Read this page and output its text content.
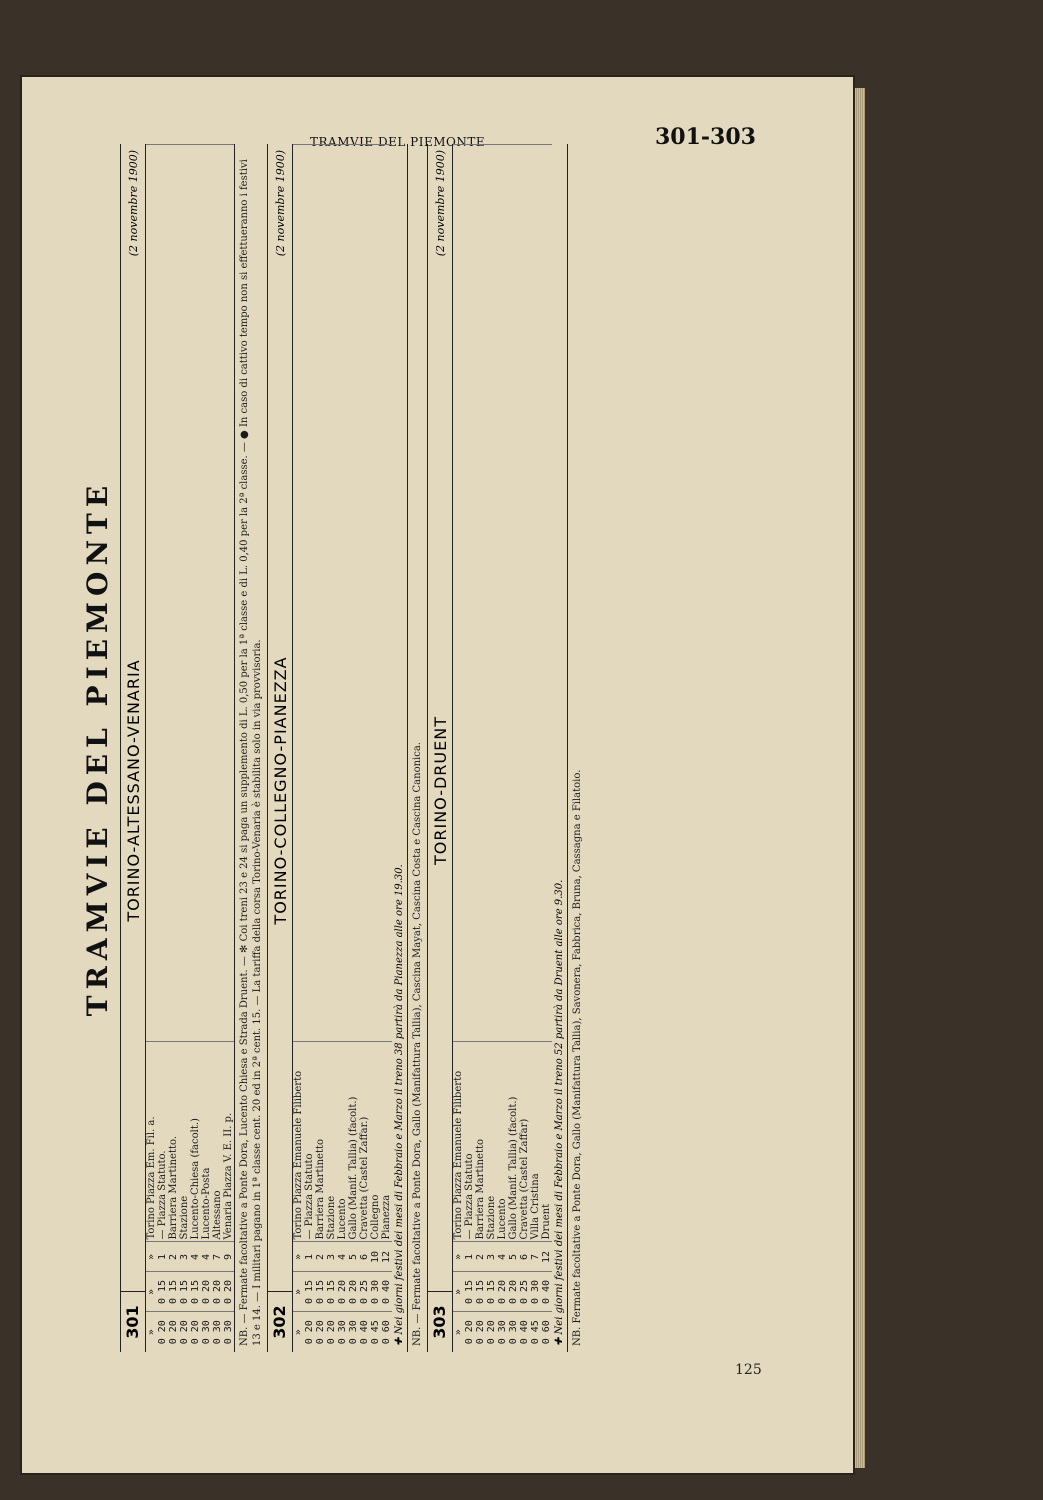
TRAMVIE DEL PIEMONTE	301-303
125
TRAMVIE DEL PIEMONTE
301
TORINO-ALTESSANO-VENARIA
(2 novembre 1900)
»	»	»	Torino Piazza Em. Fil. a.	
0 20	0 15	1	— Piazza Statuto.	
0 20	0 15	2	Barriera Martinetto.	
0 20	0 15	3	Stazione	
0 20	0 15	4	Lucento-Chiesa (facolt.)	
0 30	0 20	4	Lucento-Posta	
0 30	0 20	7	Altessano	
0 30	0 20	9	Venaria Piazza V. E. II. p.	NB. — Fermate facoltative a Ponte Dora, Lucento Chiesa e Strada Druent. — ✻ Coi treni 23 e 24 si paga un supplemento di L. 0,50 per la 1ª classe e di L. 0,40 per la 2ª classe. — ● In caso di cattivo tempo non si effettueranno i festivi 13 e 14. — I militari pagano in 1ª classe cent. 20 ed in 2ª cent. 15. — La tariffa della corsa Torino-Venaria è stabilita solo in via provvisoria. 302
TORINO-COLLEGNO-PIANEZZA
(2 novembre 1900)
»	»	»	Torino Piazza Emanuele Filiberto	
0 20	0 15	1	— Piazza Statuto	
0 20	0 15	2	Barriera Martinetto	
0 20	0 15	3	Stazione	
0 30	0 20	4	Lucento	
0 30	0 20	5	Gallo (Manif. Tallia) (facolt.)	
0 40	0 25	6	Cravetta (Castel Zaffar.)	
0 45	0 30	10	Collegno	
0 60	0 40	12	Pianezza	✚ Nei giorni festivi dei mesi di Febbraio e Marzo il treno 38 partirà da Pianezza alle ore 19.30. NB. — Fermate facoltative a Ponte Dora, Gallo (Manifattura Tallia), Cascina Mayat, Cascina Costa e Cascina Canonica. 303
TORINO-DRUENT
(2 novembre 1900)
»	»	»	Torino Piazza Emanuele Filiberto	
0 20	0 15	1	— Piazza Statuto	
0 20	0 15	2	Barriera Martinetto	
0 20	0 15	3	Stazione	
0 30	0 20	4	Lucento	
0 30	0 20	5	Gallo (Manif. Tallia) (facolt.)	
0 40	0 25	6	Cravetta (Castel Zaffar)	
0 45	0 30	7	Villa Cristina	
0 60	0 40	12	Druent	✚ Nei giorni festivi dei mesi di Febbraio e Marzo il treno 52 partirà da Druent alle ore 9.30. NB. Fermate facoltative a Ponte Dora, Gallo (Manifattura Tallia), Savonera, Fabbrica, Bruna, Cassagna e Filatoio.
